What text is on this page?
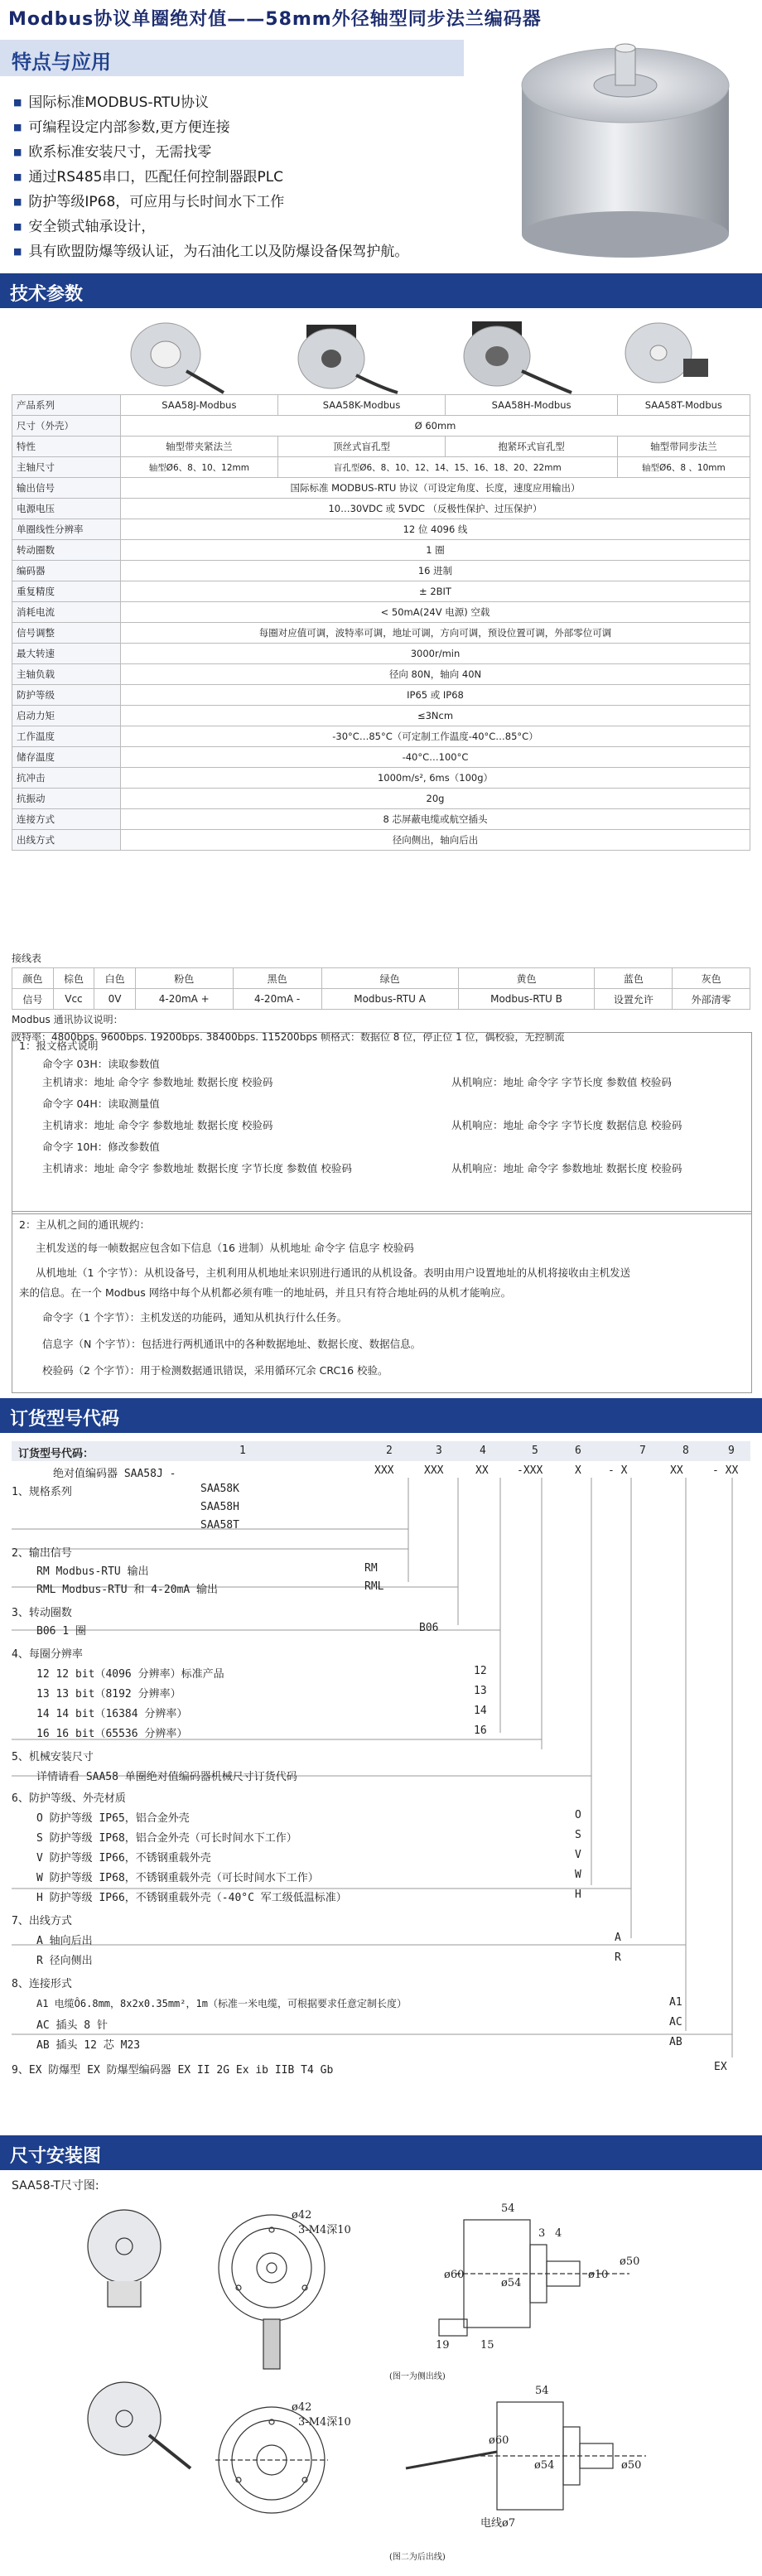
Modbus协议单圈绝对值——58mm外径轴型同步法兰编码器
特点与应用
■ 国际标准MODBUS-RTU协议
■ 可编程设定内部参数,更方便连接
■ 欧系标准安装尺寸，无需找零
■ 通过RS485串口，匹配任何控制器跟PLC
■ 防护等级IP68，可应用与长时间水下工作
■ 安全锁式轴承设计，
■ 具有欧盟防爆等级认证，为石油化工以及防爆设备保驾护航。
技术参数
产品系列	SAA58J-Modbus	SAA58K-Modbus	SAA58H-Modbus	SAA58T-Modbus
尺寸（外壳）	Ø 60mm			
特性	轴型带夹紧法兰	顶丝式盲孔型	抱紧环式盲孔型	轴型带同步法兰
主轴尺寸	轴型Ø6、8、10、12mm	盲孔型Ø6、8、10、12、14、15、16、18、20、22mm		轴型Ø6、8 、10mm
输出信号	国际标准 MODBUS-RTU 协议（可设定角度、长度，速度应用输出）			
电源电压	10…30VDC 或 5VDC （反极性保护、过压保护）			
单圈线性分辨率	12 位 4096 线			
转动圈数	1 圈			
编码器	16 进制			
重复精度	± 2BIT			
消耗电流	< 50mA(24V 电源) 空载			
信号调整	每圈对应值可调，波特率可调，地址可调，方向可调，预设位置可调，外部零位可调			
最大转速	3000r/min			
主轴负载	径向 80N，轴向 40N			
防护等级	IP65 或 IP68			
启动力矩	≤3Ncm			
工作温度	-30°C…85°C（可定制工作温度-40°C…85°C）			
储存温度	-40°C…100°C			
抗冲击	1000m/s², 6ms（100g）			
抗振动	20g			
连接方式	8 芯屏蔽电缆或航空插头			
出线方式	径向侧出，轴向后出			
接线表
颜色	棕色	白色	粉色	黑色	绿色	黄色	蓝色	灰色
信号	Vcc	0V	4-20mA +	4-20mA -	Modbus-RTU A	Modbus-RTU B	设置允许	外部清零
Modbus 通讯协议说明：
波特率：4800bps. 9600bps. 19200bps. 38400bps. 115200bps 帧格式：数据位 8 位，停止位 1 位，偶校验，无控制流
1：报文格式说明
命令字 03H：读取参数值
主机请求：地址 命令字 参数地址 数据长度 校验码	从机响应：地址 命令字 字节长度 参数值 校验码
命令字 04H：读取测量值
主机请求：地址 命令字 参数地址 数据长度 校验码	从机响应：地址 命令字 字节长度 数据信息 校验码
命令字 10H：修改参数值
主机请求：地址 命令字 参数地址 数据长度 字节长度 参数值 校验码	从机响应：地址 命令字 参数地址 数据长度 校验码
2：主从机之间的通讯规约：
主机发送的每一帧数据应包含如下信息（16 进制）从机地址 命令字 信息字 校验码
从机地址（1 个字节）：从机设备号，主机利用从机地址来识别进行通讯的从机设备。表明由用户设置地址的从机将接收由主机发送
来的信息。在一个 Modbus 网络中每个从机都必须有唯一的地址码，并且只有符合地址码的从机才能响应。
命令字（1 个字节）：主机发送的功能码，通知从机执行什么任务。
信息字（N 个字节）：包括进行两机通讯中的各种数据地址、数据长度、数据信息。
校验码（2 个字节）：用于检测数据通讯错误，采用循环冗余 CRC16 校验。
订货型号代码
订货型号代码：	1	2	3	4	5	6	7	8	9
绝对值编码器 SAA58J -	XXX	XXX	XX	-XXX	X - X	XX	- XX
1、规格系列	SAA58K
SAA58H
SAA58T
2、输出信号
RM Modbus-RTU 输出
RML Modbus-RTU 和 4-20mA 输出
RM
RML
3、转动圈数
B06 1 圈	B06
4、每圈分辨率
12 12 bit（4096 分辨率）标准产品
13 13 bit（8192 分辨率）
14 14 bit（16384 分辨率）
16 16 bit（65536 分辨率）
12
13
14
16
5、机械安装尺寸
详情请看 SAA58 单圈绝对值编码器机械尺寸订货代码
6、防护等级、外壳材质
O 防护等级 IP65，铝合金外壳
S 防护等级 IP68，铝合金外壳（可长时间水下工作）
V 防护等级 IP66，不锈钢重载外壳
W 防护等级 IP68，不锈钢重载外壳（可长时间水下工作）
H 防护等级 IP66，不锈钢重载外壳（-40°C 军工级低温标准）
O
S
V
W
H
7、出线方式
A 轴向后出
R 径向侧出
A
R
8、连接形式
A1 电缆Ô6.8mm，8x2x0.35mm²，1m（标准一米电缆，可根据要求任意定制长度）
AC 插头 8 针
AB 插头 12 芯 M23
A1
AC
AB
9、EX 防爆型 EX 防爆型编码器 EX II 2G Ex ib IIB T4 Gb	EX
尺寸安装图
SAA58-T尺寸图:
ø42
3-M4深10
54
4
3
ø60
ø54
ø10
ø50
19	15
(图一为侧出线)
ø42
3-M4深10
54
ø60
ø54	ø50
电线ø7
(图二为后出线)
